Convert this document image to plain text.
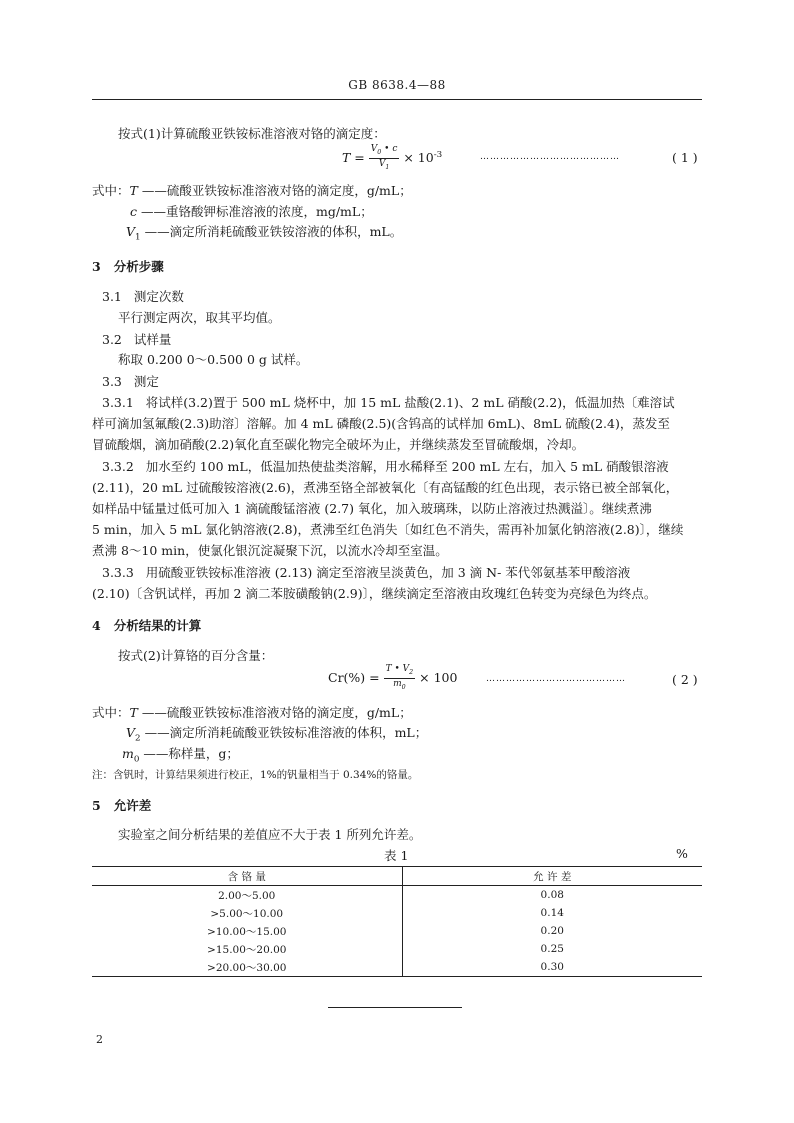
GB 8638.4—88
按式(1)计算硫酸亚铁铵标准溶液对铬的滴定度：
$T = \frac{V_0 • c}{V_1} \times 10^{-3}$	……………………………………	( 1 )
式中：T ——硫酸亚铁铵标准溶液对铬的滴定度，g/mL；
c ——重铬酸钾标准溶液的浓度，mg/mL；
$V_1$ ——滴定所消耗硫酸亚铁铵溶液的体积，mL。
3 分析步骤
3.1 测定次数
平行测定两次，取其平均值。
3.2 试样量
称取 0.200 0～0.500 0 g 试样。
3.3 测定
3.3.1 将试样(3.2)置于 500 mL 烧杯中，加 15 mL 盐酸(2.1)、2 mL 硝酸(2.2)，低温加热〔难溶试
样可滴加氢氟酸(2.3)助溶〕溶解。加 4 mL 磷酸(2.5)(含钨高的试样加 6mL)、8mL 硫酸(2.4)，蒸发至
冒硫酸烟，滴加硝酸(2.2)氧化直至碳化物完全破坏为止，并继续蒸发至冒硫酸烟，冷却。
3.3.2 加水至约 100 mL，低温加热使盐类溶解，用水稀释至 200 mL 左右，加入 5 mL 硝酸银溶液
(2.11)，20 mL 过硫酸铵溶液(2.6)，煮沸至铬全部被氧化〔有高锰酸的红色出现，表示铬已被全部氧化，
如样品中锰量过低可加入 1 滴硫酸锰溶液 (2.7) 氧化，加入玻璃珠，以防止溶液过热溅溢〕。继续煮沸
5 min，加入 5 mL 氯化钠溶液(2.8)，煮沸至红色消失〔如红色不消失，需再补加氯化钠溶液(2.8)〕，继续
煮沸 8～10 min，使氯化银沉淀凝聚下沉，以流水冷却至室温。
3.3.3 用硫酸亚铁铵标准溶液 (2.13) 滴定至溶液呈淡黄色，加 3 滴 N- 苯代邻氨基苯甲酸溶液
(2.10)〔含钒试样，再加 2 滴二苯胺磺酸钠(2.9)〕，继续滴定至溶液由玫瑰红色转变为亮绿色为终点。
4 分析结果的计算
按式(2)计算铬的百分含量：
$Cr(\%) = \frac{T • V_2}{m_0} \times 100$	……………………………………	( 2 )
式中：T ——硫酸亚铁铵标准溶液对铬的滴定度，g/mL；
$V_2$ ——滴定所消耗硫酸亚铁铵标准溶液的体积，mL；
$m_0$ ——称样量，g；
注：含钒时，计算结果须进行校正，1%的钒量相当于 0.34%的铬量。
5 允许差
实验室之间分析结果的差值应不大于表 1 所列允许差。
表 1	%
含 铬 量	允 许 差
2.00～5.00	0.08
>5.00～10.00	0.14
>10.00～15.00	0.20
>15.00～20.00	0.25
>20.00～30.00	0.30
2
